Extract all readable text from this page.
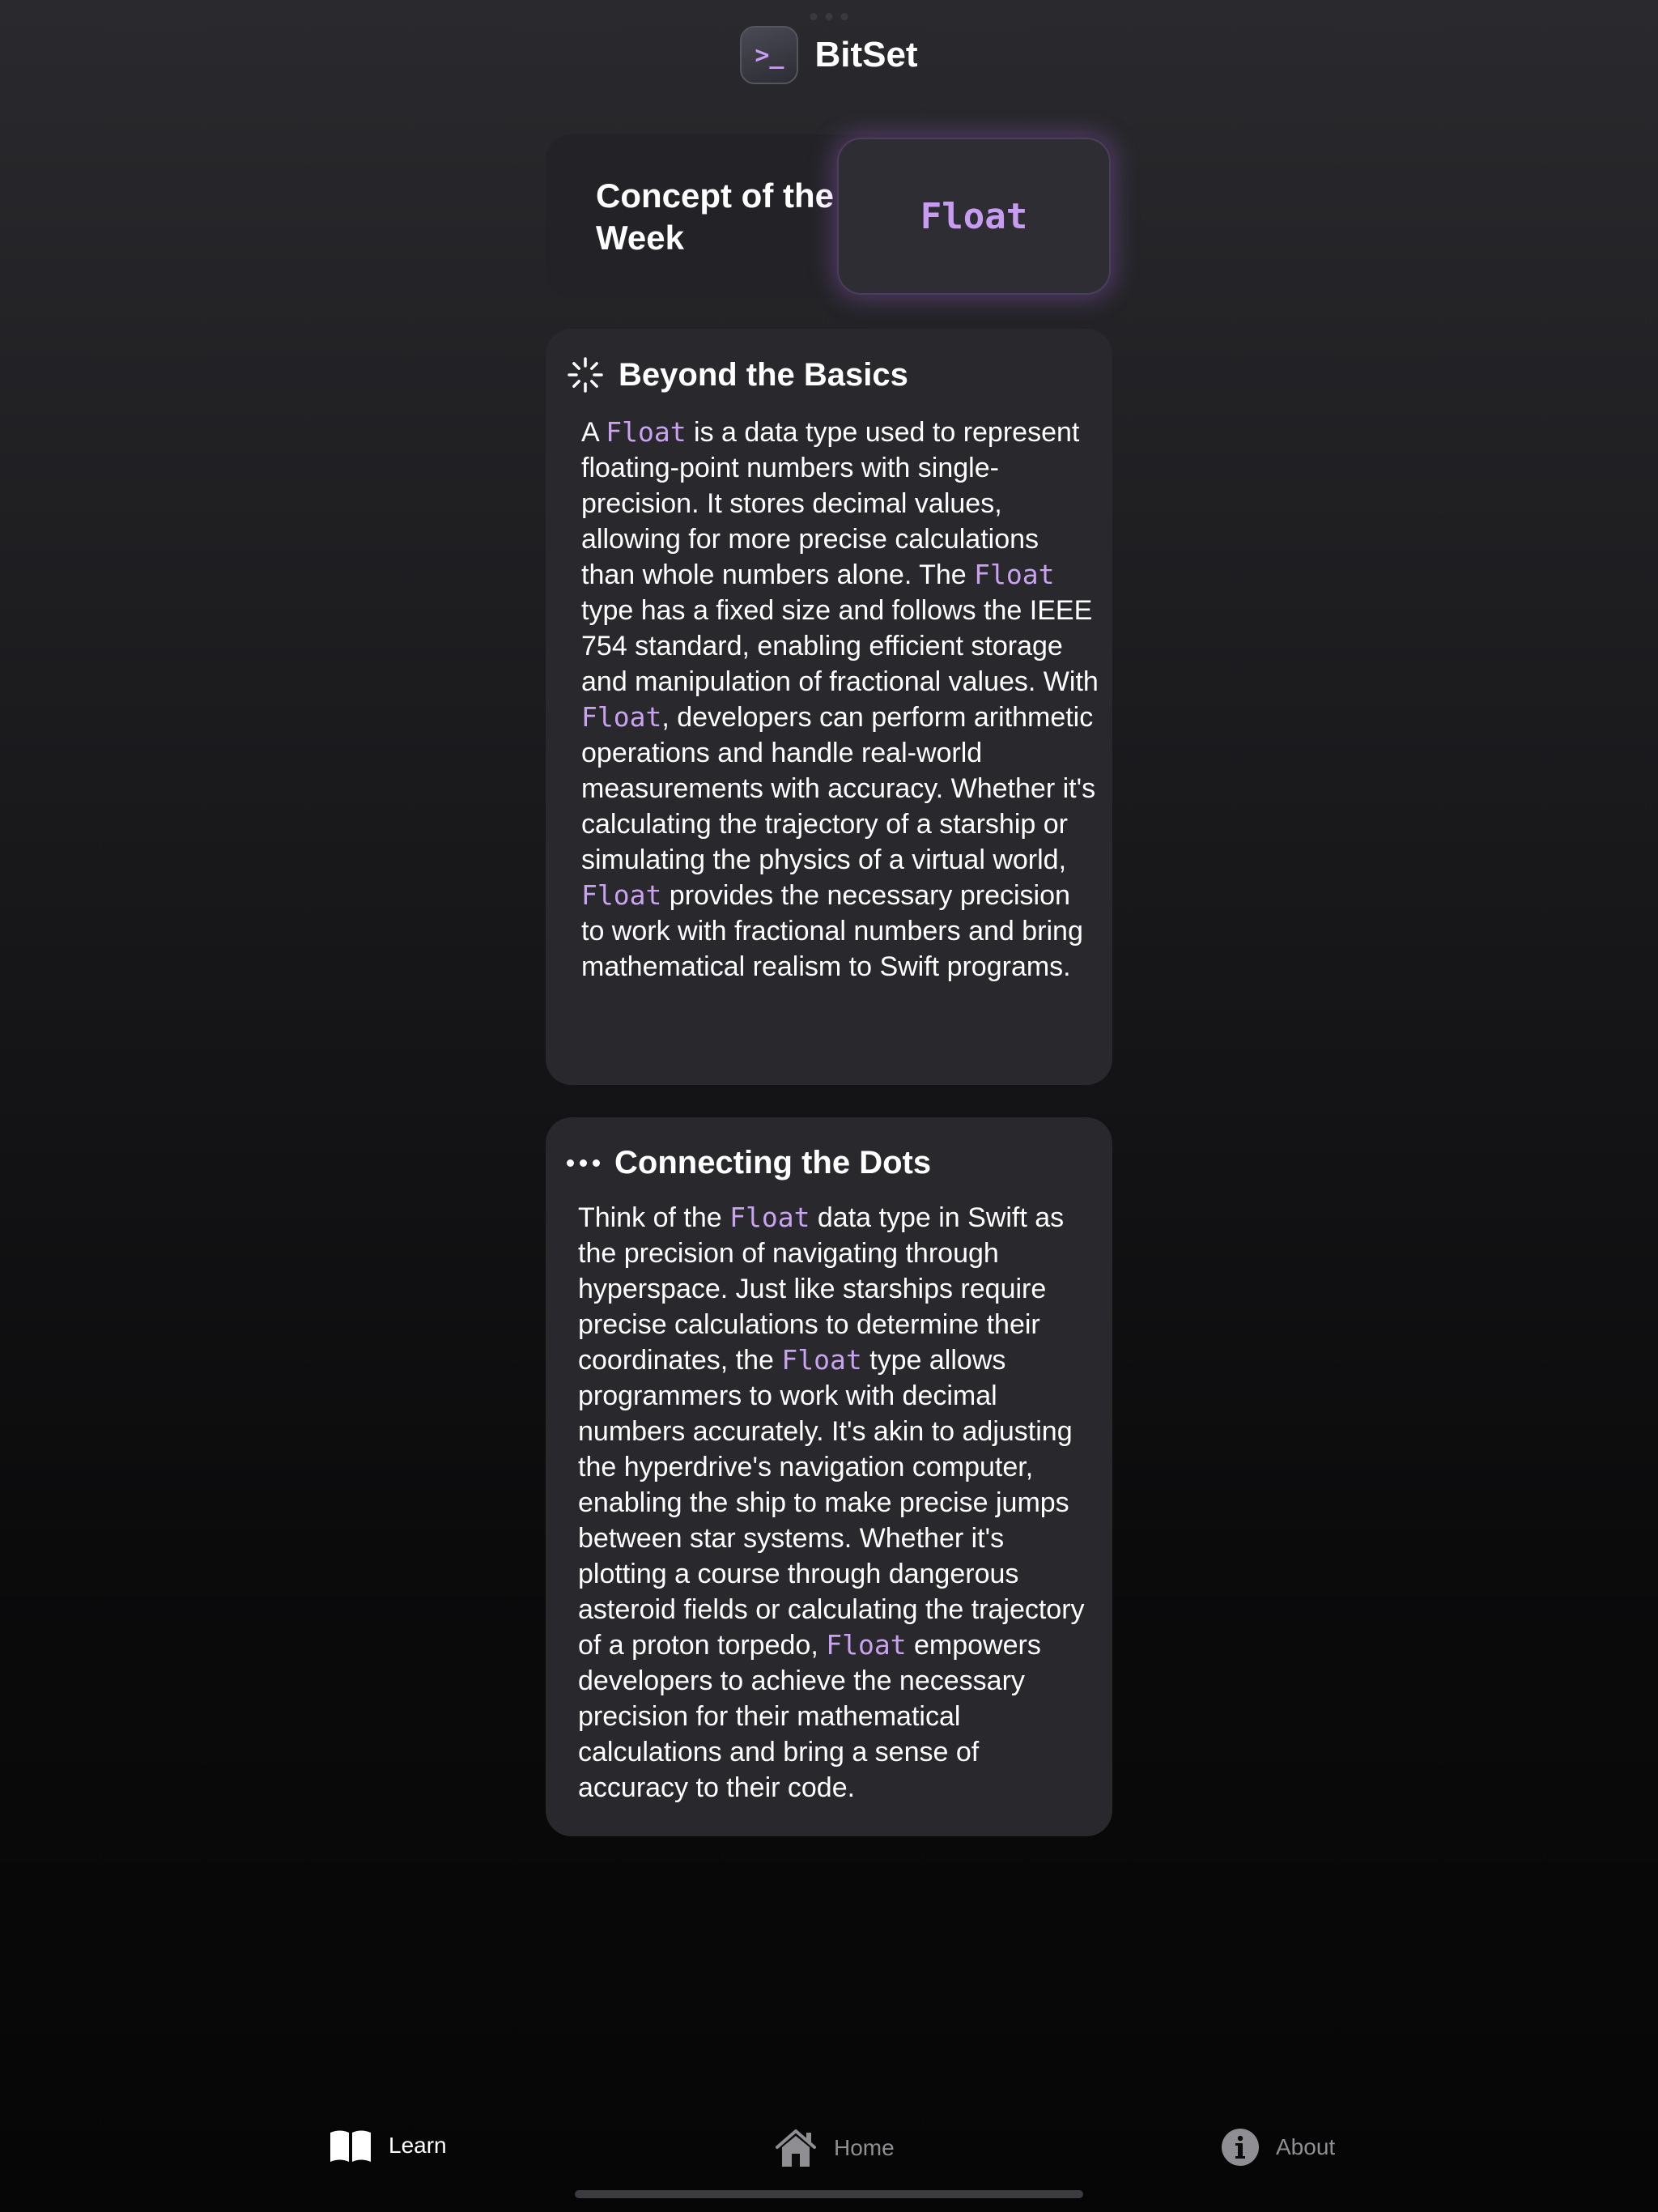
>_ BitSet
Concept of the Week
Float
Beyond the Basics

A Float is a data type used to represent floating-point numbers with single-precision. It stores decimal values, allowing for more precise calculations than whole numbers alone. The Float type has a fixed size and follows the IEEE 754 standard, enabling efficient storage and manipulation of fractional values. With Float, developers can perform arithmetic operations and handle real-world measurements with accuracy. Whether it's calculating the trajectory of a starship or simulating the physics of a virtual world, Float provides the necessary precision to work with fractional numbers and bring mathematical realism to Swift programs.

Connecting the Dots

Think of the Float data type in Swift as the precision of navigating through hyperspace. Just like starships require precise calculations to determine their coordinates, the Float type allows programmers to work with decimal numbers accurately. It's akin to adjusting the hyperdrive's navigation computer, enabling the ship to make precise jumps between star systems. Whether it's plotting a course through dangerous asteroid fields or calculating the trajectory of a proton torpedo, Float empowers developers to achieve the necessary precision for their mathematical calculations and bring a sense of accuracy to their code.

Learn	Home	About
